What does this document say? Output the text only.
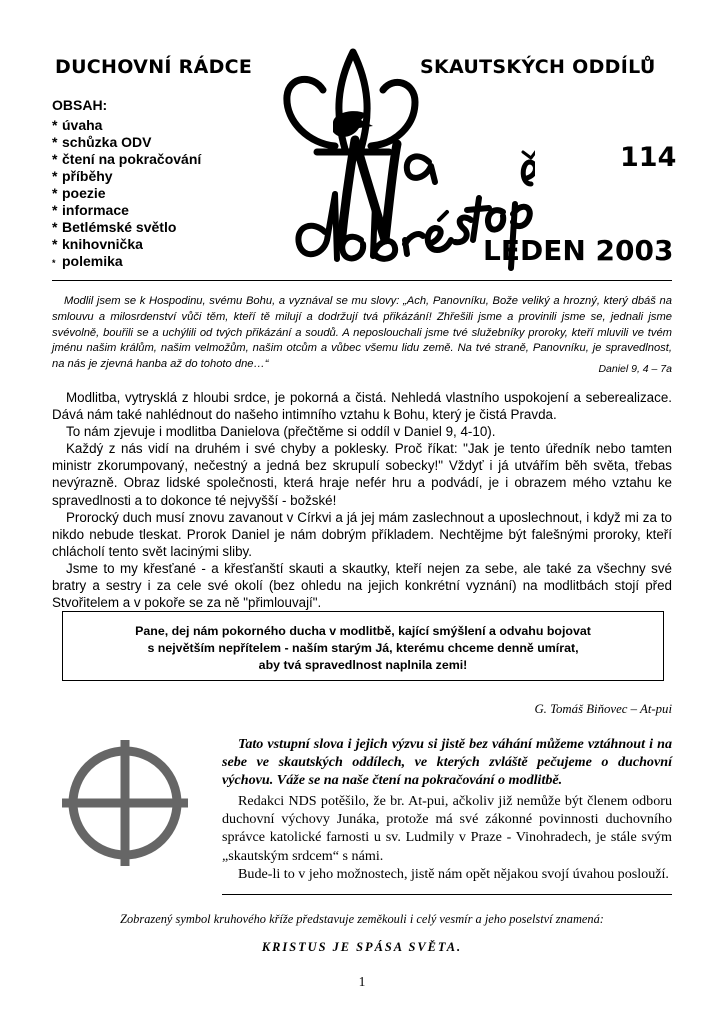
DUCHOVNÍ RÁDCE	SKAUTSKÝCH ODDÍLŮ
OBSAH:
* úvaha
* schůzka ODV
* čtení na pokračování
* příběhy
* poezie
* informace
* Betlémské světlo
* knihovnička
* polemika
114
LEDEN 2003
Modlil jsem se k Hospodinu, svému Bohu, a vyznával se mu slovy: „Ach, Panovníku, Bože veliký a hrozný, který dbáš na smlouvu a milosrdenství vůči těm, kteří tě milují a dodržují tvá přikázání! Zhřešili jsme a provinili jsme se, jednali jsme svévolně, bouřili se a uchýlili od tvých přikázání a soudů. A neposlouchali jsme tvé služebníky proroky, kteří mluvili ve tvém jménu našim králům, našim velmožům, našim otcům a vůbec všemu lidu země. Na tvé straně, Panovníku, je spravedlnost, na nás je zjevná hanba až do tohoto dne…“	Daniel 9, 4 – 7a

Modlitba, vytrysklá z hloubi srdce, je pokorná a čistá. Nehledá vlastního uspokojení a seberealizace. Dává nám také nahlédnout do našeho intimního vztahu k Bohu, který je čistá Pravda.

To nám zjevuje i modlitba Danielova (přečtěme si oddíl v Daniel 9, 4-10).

Každý z nás vidí na druhém i své chyby a poklesky. Proč říkat: "Jak je tento úředník nebo tamten ministr zkorumpovaný, nečestný a jedná bez skrupulí sobecky!" Vždyť i já utvářím běh světa, třebas nevýrazně. Obraz lidské společnosti, která hraje nefér hru a podvádí, je i obrazem mého vztahu ke spravedlnosti a to dokonce té nejvyšší - božské!

Prorocký duch musí znovu zavanout v Církvi a já jej mám zaslechnout a uposlechnout, i když mi za to nikdo nebude tleskat. Prorok Daniel je nám dobrým příkladem. Nechtějme být falešnými proroky, kteří chlácholí tento svět lacinými sliby.

Jsme to my křesťané - a křesťanští skauti a skautky, kteří nejen za sebe, ale také za všechny své bratry a sestry i za cele své okolí (bez ohledu na jejich konkrétní vyznání) na modlitbách stojí před Stvořitelem a v pokoře se za ně "přimlouvají".

Pane, dej nám pokorného ducha v modlitbě, kající smýšlení a odvahu bojovat
s největším nepřítelem - naším starým Já, kterému chceme denně umírat,
aby tvá spravedlnost naplnila zemi!
G. Tomáš Biňovec – At-pui

Tato vstupní slova i jejich výzvu si jistě bez váhání můžeme vztáhnout i na sebe ve skautských oddílech, ve kterých zvláště pečujeme o duchovní výchovu. Váže se na naše čtení na pokračování o modlitbě.

Redakci NDS potěšilo, že br. At-pui, ačkoliv již nemůže být členem odboru duchovní výchovy Junáka, protože má své zákonné povinnosti duchovního správce katolické farnosti u sv. Ludmily v Praze - Vinohradech, je stále svým „skautským srdcem“ s námi.

Bude-li to v jeho možnostech, jistě nám opět nějakou svojí úvahou poslouží.

Zobrazený symbol kruhového kříže představuje zeměkouli i celý vesmír a jeho poselství znamená:
KRISTUS JE SPÁSA SVĚTA.
1
